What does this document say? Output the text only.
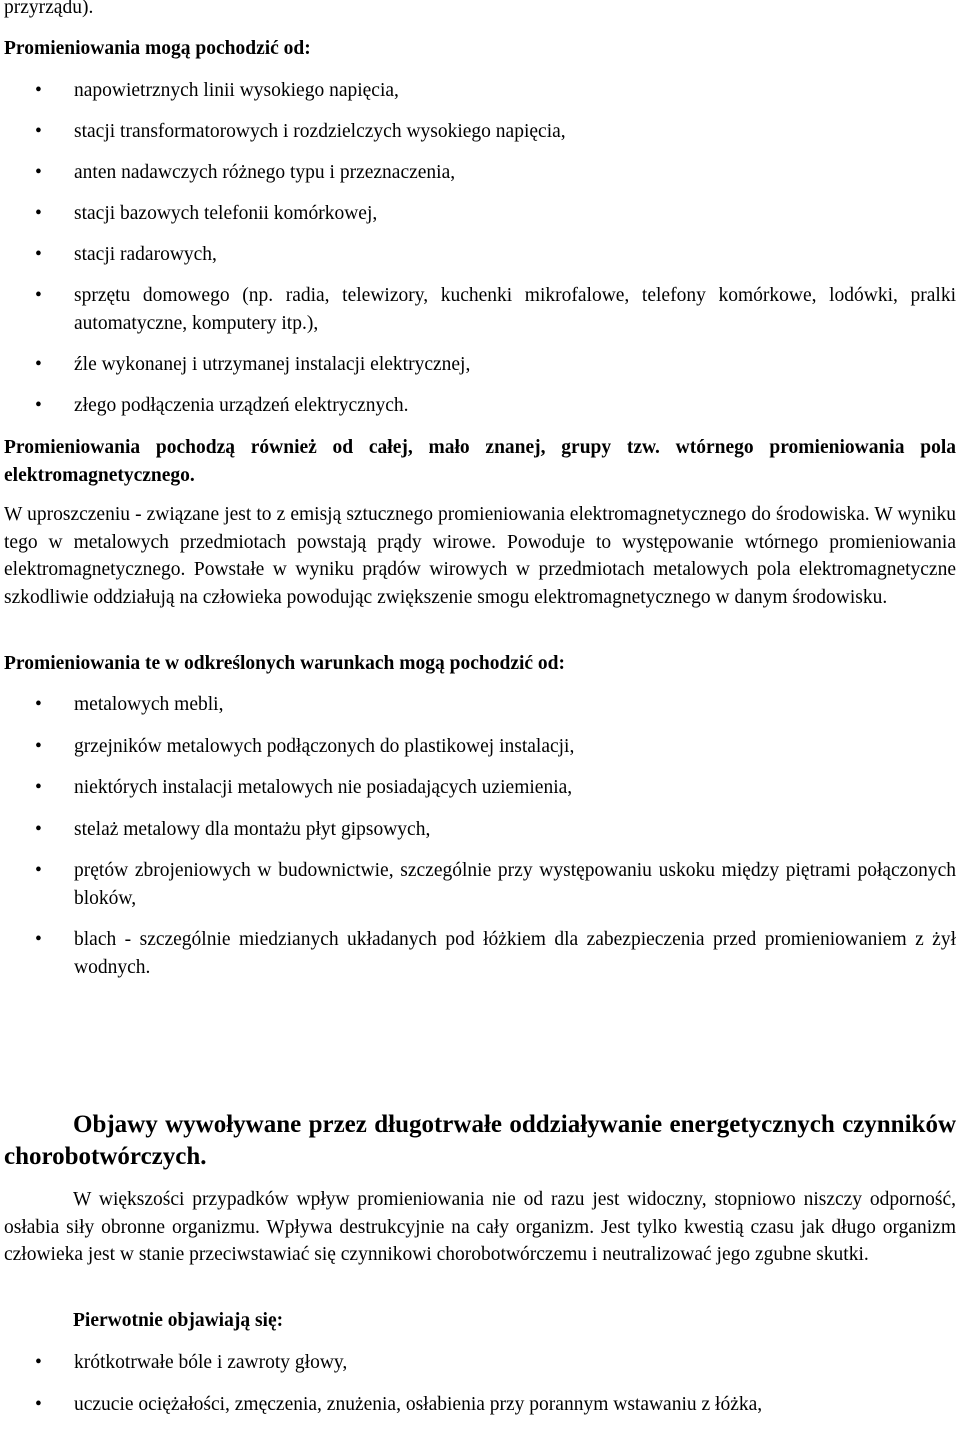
przyrządu).

Promieniowania mogą pochodzić od:

• napowietrznych linii wysokiego napięcia,
• stacji transformatorowych i rozdzielczych wysokiego napięcia,
• anten nadawczych różnego typu i przeznaczenia,
• stacji bazowych telefonii komórkowej,
• stacji radarowych,
• sprzętu domowego (np. radia, telewizory, kuchenki mikrofalowe, telefony komórkowe, lodówki, pralki automatyczne, komputery itp.),
• źle wykonanej i utrzymanej instalacji elektrycznej,
• złego podłączenia urządzeń elektrycznych.

Promieniowania pochodzą również od całej, mało znanej, grupy tzw. wtórnego promieniowania pola elektromagnetycznego.

W uproszczeniu - związane jest to z emisją sztucznego promieniowania elektromagnetycznego do środowiska. W wyniku tego w metalowych przedmiotach powstają prądy wirowe. Powoduje to występowanie wtórnego promieniowania elektromagnetycznego. Powstałe w wyniku prądów wirowych w przedmiotach metalowych pola elektromagnetyczne szkodliwie oddziałują na człowieka powodując zwiększenie smogu elektromagnetycznego w danym środowisku.

Promieniowania te w odkreślonych warunkach mogą pochodzić od:

• metalowych mebli,
• grzejników metalowych podłączonych do plastikowej instalacji,
• niektórych instalacji metalowych nie posiadających uziemienia,
• stelaż metalowy dla montażu płyt gipsowych,
• prętów zbrojeniowych w budownictwie, szczególnie przy występowaniu uskoku między piętrami połączonych bloków,
• blach - szczególnie miedzianych układanych pod łóżkiem dla zabezpieczenia przed promieniowaniem z żył wodnych.
Objawy wywoływane przez długotrwałe oddziaływanie energetycznych czynników chorobotwórczych.

W większości przypadków wpływ promieniowania nie od razu jest widoczny, stopniowo niszczy odporność, osłabia siły obronne organizmu. Wpływa destrukcyjnie na cały organizm. Jest tylko kwestią czasu jak długo organizm człowieka jest w stanie przeciwstawiać się czynnikowi chorobotwórczemu i neutralizować jego zgubne skutki.

Pierwotnie objawiają się:

• krótkotrwałe bóle i zawroty głowy,
• uczucie ociężałości, zmęczenia, znużenia, osłabienia przy porannym wstawaniu z łóżka,
